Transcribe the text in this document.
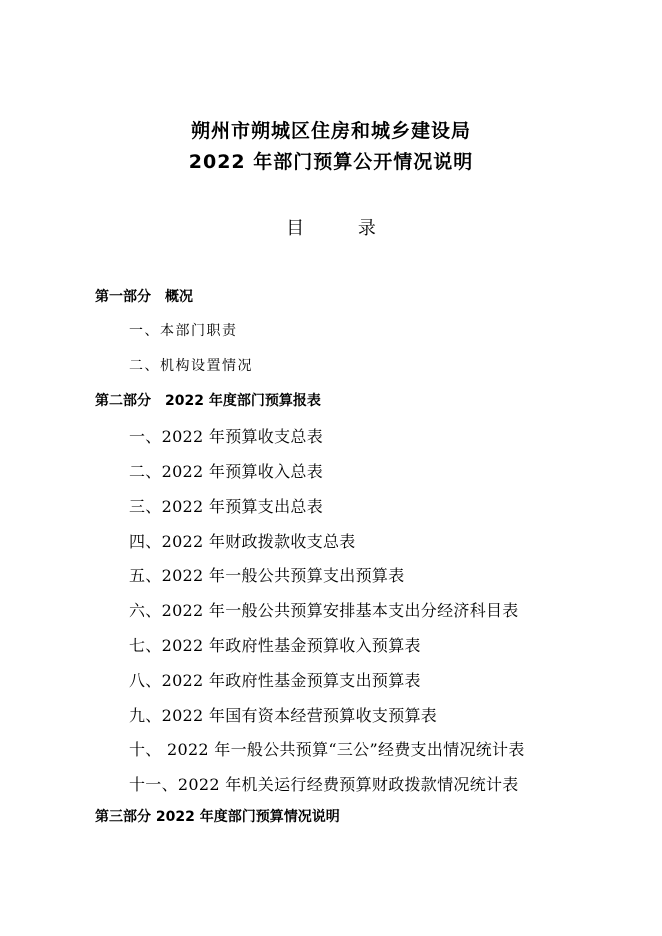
朔州市朔城区住房和城乡建设局
2022 年部门预算公开情况说明
目	录
第一部分　概况
一、本部门职责
二、机构设置情况
第二部分　2022 年度部门预算报表
一、2022 年预算收支总表
二、2022 年预算收入总表
三、2022 年预算支出总表
四、2022 年财政拨款收支总表
五、2022 年一般公共预算支出预算表
六、2022 年一般公共预算安排基本支出分经济科目表
七、2022 年政府性基金预算收入预算表
八、2022 年政府性基金预算支出预算表
九、2022 年国有资本经营预算收支预算表
十、 2022 年一般公共预算“三公”经费支出情况统计表
十一、2022 年机关运行经费预算财政拨款情况统计表
第三部分 2022 年度部门预算情况说明
